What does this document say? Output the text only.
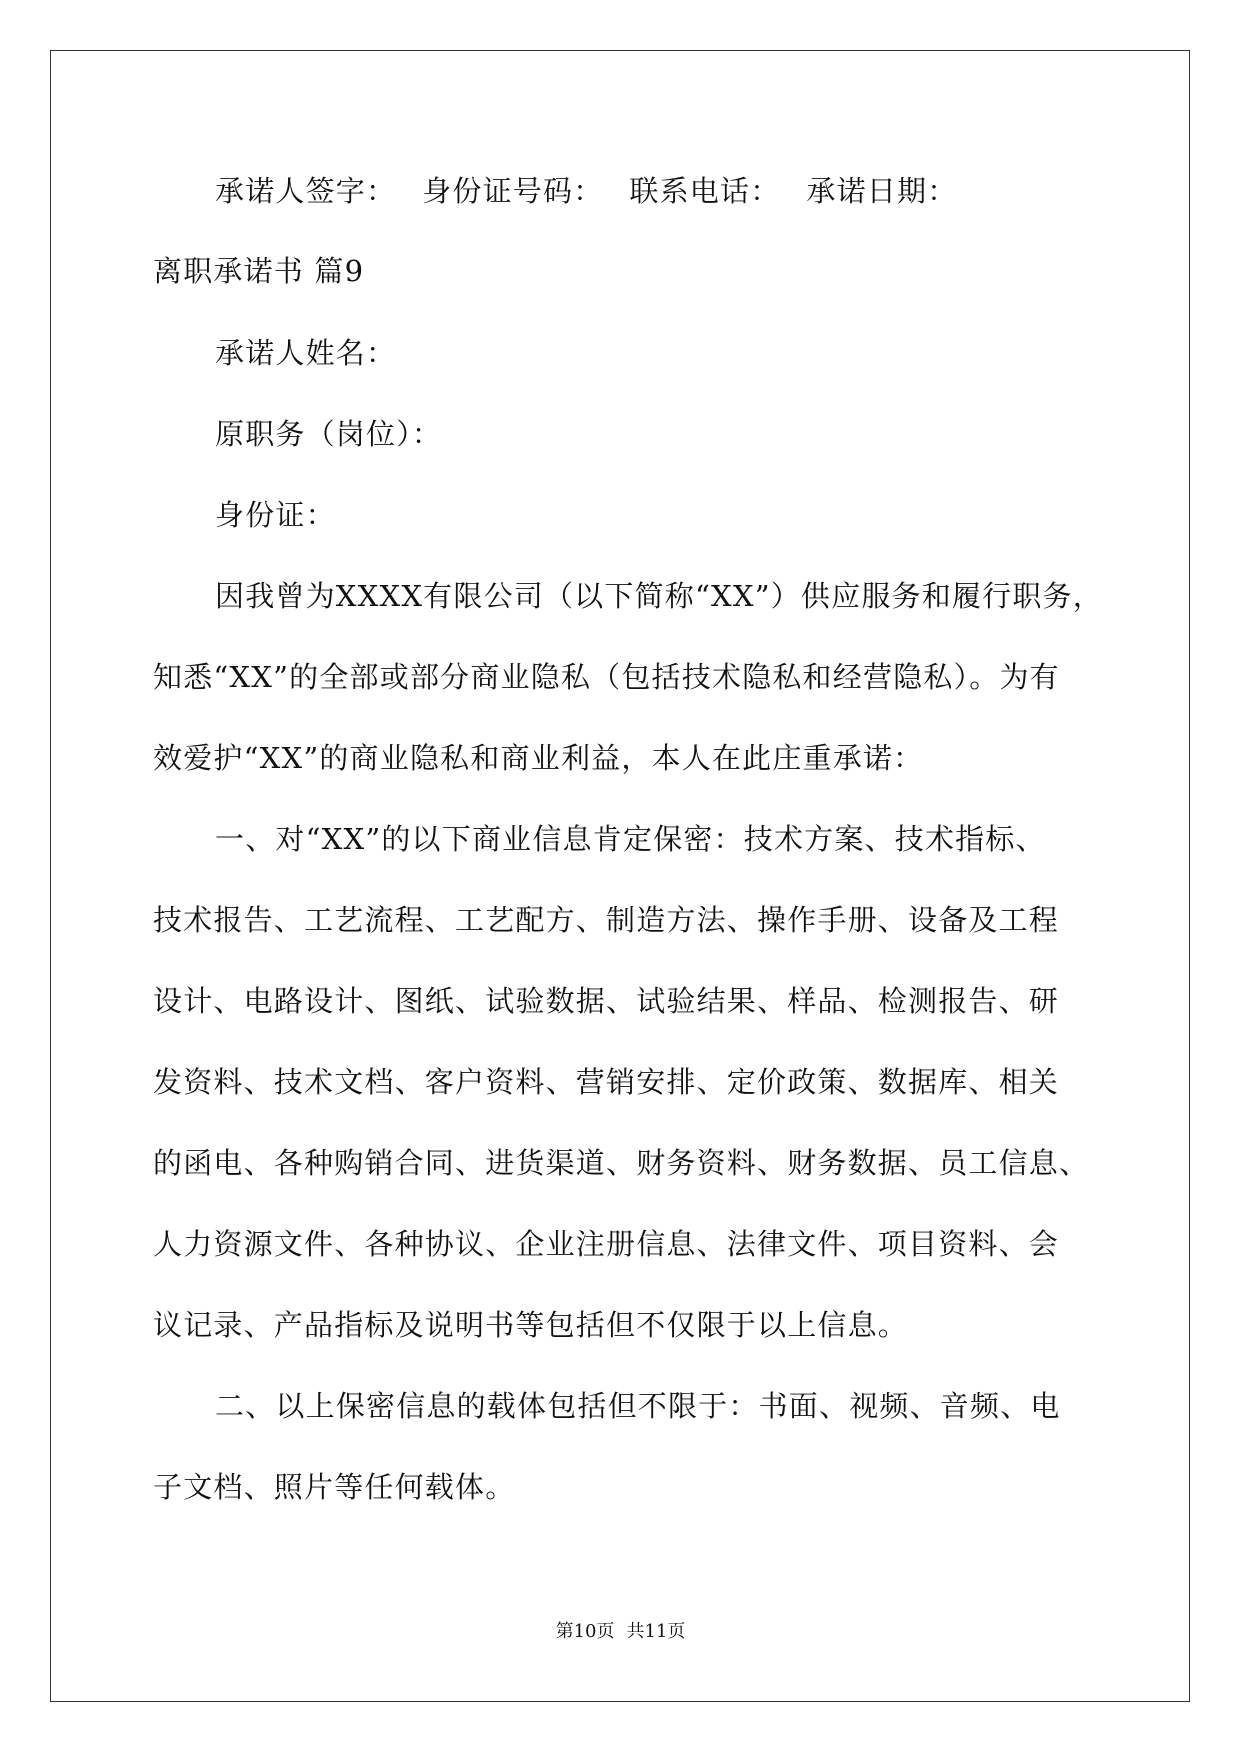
承诺人签字： 身份证号码： 联系电话： 承诺日期：
离职承诺书 篇9
承诺人姓名：
原职务（岗位）：
身份证：
因我曾为XXXX有限公司（以下简称“XX”）供应服务和履行职务，
知悉“XX”的全部或部分商业隐私（包括技术隐私和经营隐私）。为有
效爱护“XX”的商业隐私和商业利益，本人在此庄重承诺：
一、对“XX”的以下商业信息肯定保密：技术方案、技术指标、
技术报告、工艺流程、工艺配方、制造方法、操作手册、设备及工程
设计、电路设计、图纸、试验数据、试验结果、样品、检测报告、研
发资料、技术文档、客户资料、营销安排、定价政策、数据库、相关
的函电、各种购销合同、进货渠道、财务资料、财务数据、员工信息、
人力资源文件、各种协议、企业注册信息、法律文件、项目资料、会
议记录、产品指标及说明书等包括但不仅限于以上信息。
二、以上保密信息的载体包括但不限于：书面、视频、音频、电
子文档、照片等任何载体。
第10页 共11页
